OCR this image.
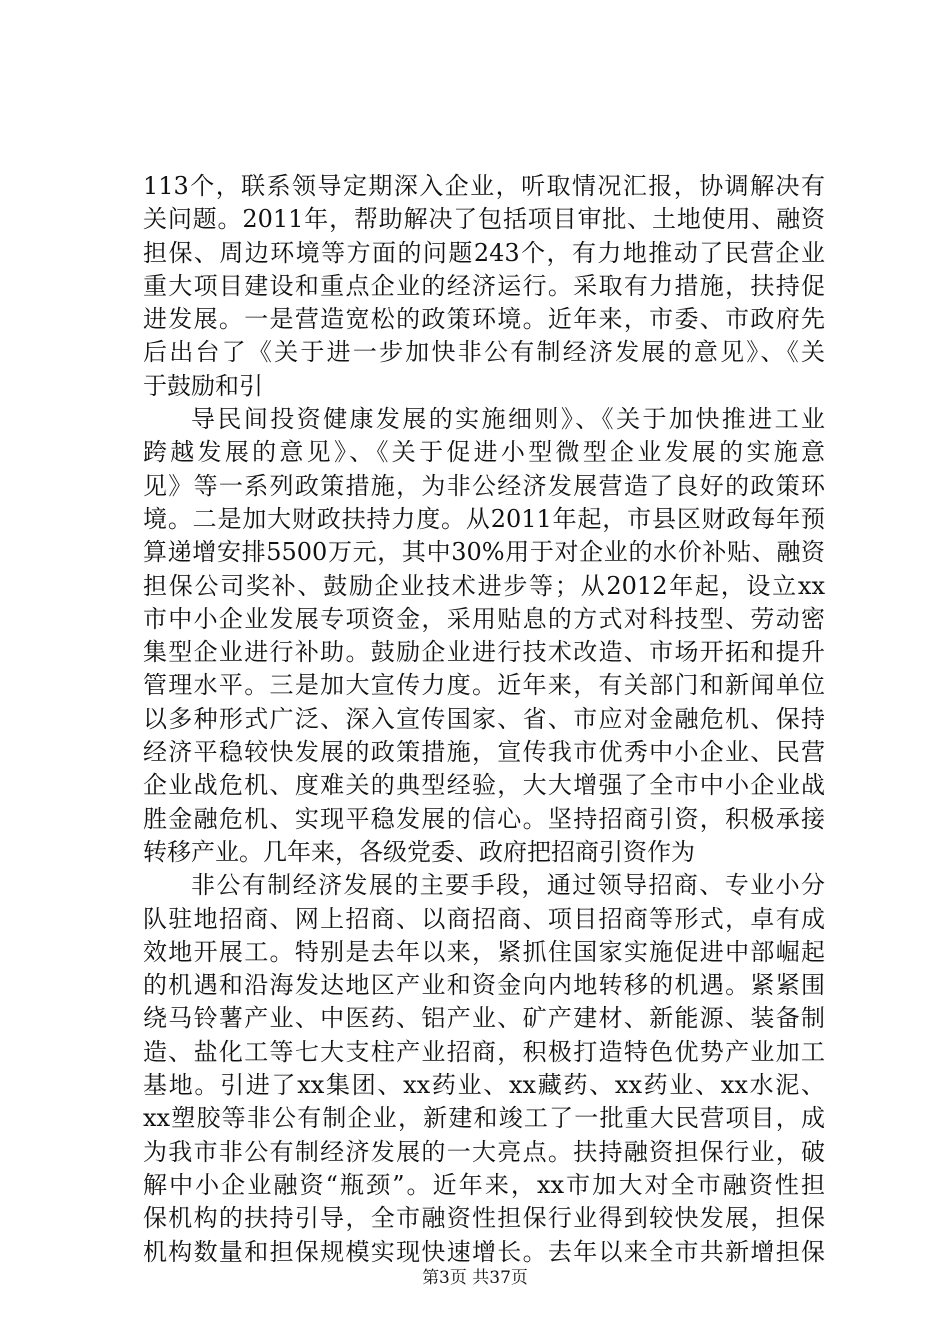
113个，联系领导定期深入企业，听取情况汇报，协调解决有
关问题。2011年，帮助解决了包括项目审批、土地使用、融资
担保、周边环境等方面的问题243个，有力地推动了民营企业
重大项目建设和重点企业的经济运行。采取有力措施，扶持促
进发展。一是营造宽松的政策环境。近年来，市委、市政府先
后出台了《关于进一步加快非公有制经济发展的意见》、《关
于鼓励和引
导民间投资健康发展的实施细则》、《关于加快推进工业
跨越发展的意见》、《关于促进小型微型企业发展的实施意
见》等一系列政策措施，为非公经济发展营造了良好的政策环
境。二是加大财政扶持力度。从2011年起，市县区财政每年预
算递增安排5500万元，其中30%用于对企业的水价补贴、融资
担保公司奖补、鼓励企业技术进步等；从2012年起，设立xx
市中小企业发展专项资金，采用贴息的方式对科技型、劳动密
集型企业进行补助。鼓励企业进行技术改造、市场开拓和提升
管理水平。三是加大宣传力度。近年来，有关部门和新闻单位
以多种形式广泛、深入宣传国家、省、市应对金融危机、保持
经济平稳较快发展的政策措施，宣传我市优秀中小企业、民营
企业战危机、度难关的典型经验，大大增强了全市中小企业战
胜金融危机、实现平稳发展的信心。坚持招商引资，积极承接
转移产业。几年来，各级党委、政府把招商引资作为
非公有制经济发展的主要手段，通过领导招商、专业小分
队驻地招商、网上招商、以商招商、项目招商等形式，卓有成
效地开展工。特别是去年以来，紧抓住国家实施促进中部崛起
的机遇和沿海发达地区产业和资金向内地转移的机遇。紧紧围
绕马铃薯产业、中医药、铝产业、矿产建材、新能源、装备制
造、盐化工等七大支柱产业招商，积极打造特色优势产业加工
基地。引进了xx集团、xx药业、xx藏药、xx药业、xx水泥、
xx塑胶等非公有制企业，新建和竣工了一批重大民营项目，成
为我市非公有制经济发展的一大亮点。扶持融资担保行业，破
解中小企业融资“瓶颈”。近年来，xx市加大对全市融资性担
保机构的扶持引导，全市融资性担保行业得到较快发展，担保
机构数量和担保规模实现快速增长。去年以来全市共新增担保
第3页 共37页
